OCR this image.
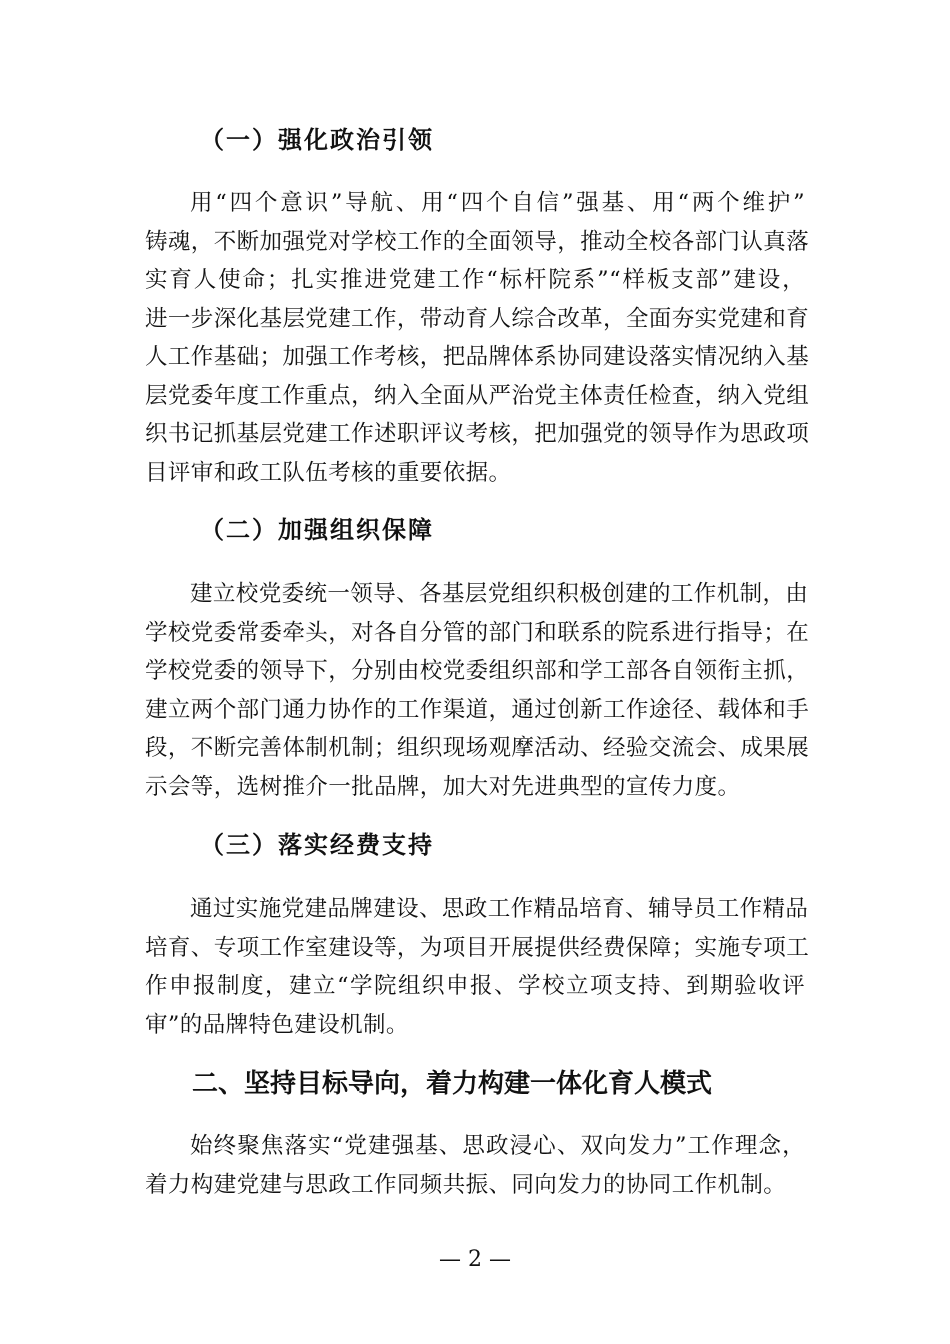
（一）强化政治引领
用“四个意识”导航、用“四个自信”强基、用“两个维护”
铸魂，不断加强党对学校工作的全面领导，推动全校各部门认真落
实育人使命；扎实推进党建工作“标杆院系”“样板支部”建设，
进一步深化基层党建工作，带动育人综合改革，全面夯实党建和育
人工作基础；加强工作考核，把品牌体系协同建设落实情况纳入基
层党委年度工作重点，纳入全面从严治党主体责任检查，纳入党组
织书记抓基层党建工作述职评议考核，把加强党的领导作为思政项
目评审和政工队伍考核的重要依据。
（二）加强组织保障
建立校党委统一领导、各基层党组织积极创建的工作机制，由
学校党委常委牵头，对各自分管的部门和联系的院系进行指导；在
学校党委的领导下，分别由校党委组织部和学工部各自领衔主抓，
建立两个部门通力协作的工作渠道，通过创新工作途径、载体和手
段，不断完善体制机制；组织现场观摩活动、经验交流会、成果展
示会等，选树推介一批品牌，加大对先进典型的宣传力度。
（三）落实经费支持
通过实施党建品牌建设、思政工作精品培育、辅导员工作精品
培育、专项工作室建设等，为项目开展提供经费保障；实施专项工
作申报制度，建立“学院组织申报、学校立项支持、到期验收评
审”的品牌特色建设机制。
二、坚持目标导向，着力构建一体化育人模式
始终聚焦落实“党建强基、思政浸心、双向发力”工作理念，
着力构建党建与思政工作同频共振、同向发力的协同工作机制。
— 2 —
